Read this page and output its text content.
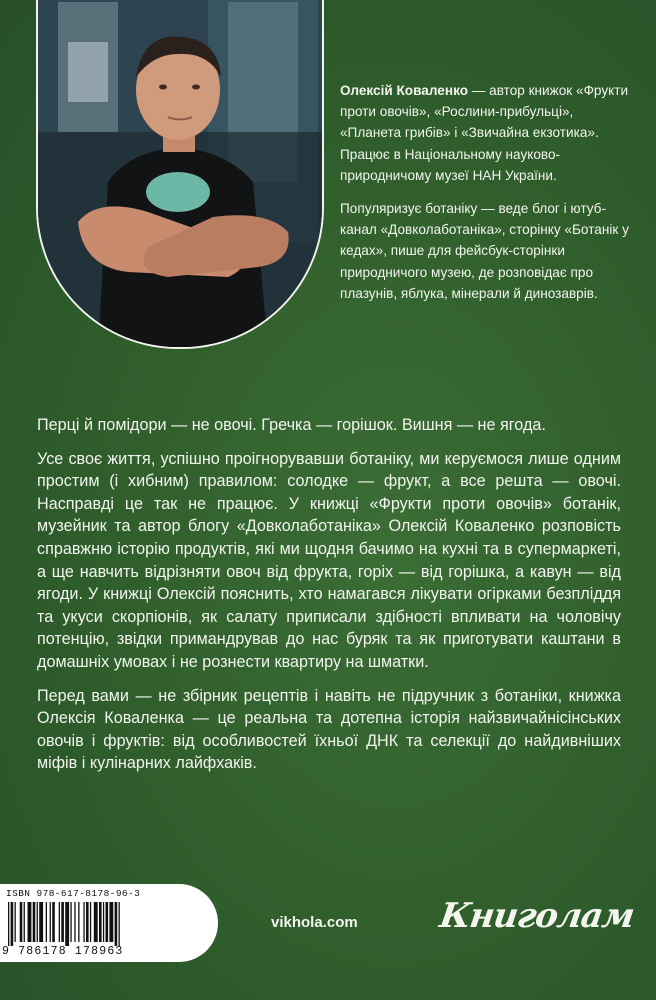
Олексій Коваленко — автор книжок «Фрукти проти овочів», «Рослини-прибульці», «Планета грибів» і «Звичайна екзотика». Працює в Національному науково-природничому музеї НАН України.

Популяризує ботаніку — веде блог і ютуб-канал «Довколаботаніка», сторінку «Ботанік у кедах», пише для фейсбук-сторінки природничого музею, де розповідає про плазунів, яблука, мінерали й динозаврів.

Перці й помідори — не овочі. Гречка — горішок. Вишня — не ягода.

Усе своє життя, успішно проігнорувавши ботаніку, ми керуємося лише одним простим (і хибним) правилом: солодке — фрукт, а все решта — овочі. Насправді це так не працює. У книжці «Фрукти проти овочів» ботанік, музейник та автор блогу «Довколаботаніка» Олексій Коваленко розповість справжню історію продуктів, які ми щодня бачимо на кухні та в супермаркеті, а ще навчить відрізняти овоч від фрукта, горіх — від горішка, а кавун — від ягоди. У книжці Олексій пояснить, хто намагався лікувати огірками безпліддя та укуси скорпіонів, як салату приписали здібності впливати на чоловічу потенцію, звідки примандрував до нас буряк та як приготувати каштани в домашніх умовах і не рознести квартиру на шматки.

Перед вами — не збірник рецептів і навіть не підручник з ботаніки, книжка Олексія Коваленка — це реальна та дотепна історія найзвичайнісінських овочів і фруктів: від особливостей їхньої ДНК та селекції до найдивніших міфів і кулінарних лайфхаків.

ISBN 978-617-8178-96-3
9 786178 178963
vikhola.com Книголам
